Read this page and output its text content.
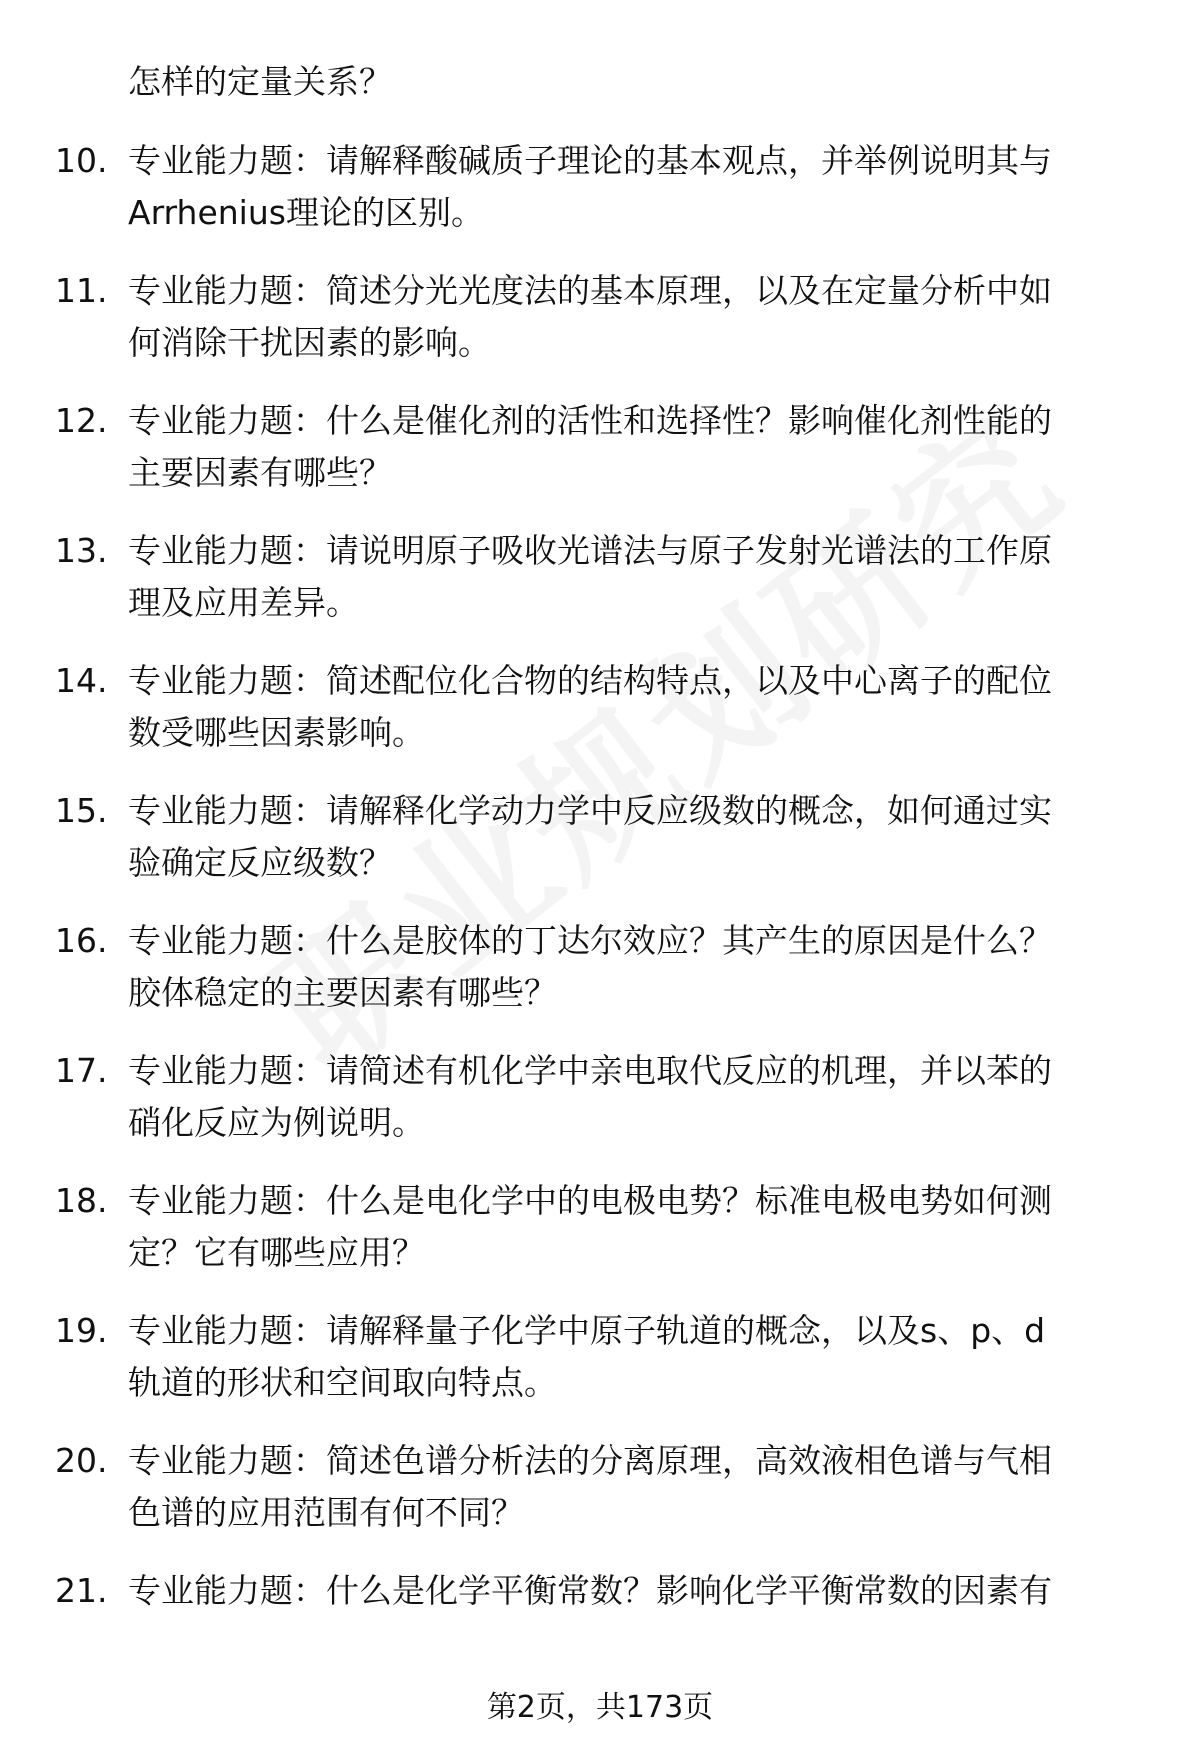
怎样的定量关系？
10. 专业能力题：请解释酸碱质子理论的基本观点，并举例说明其与
Arrhenius理论的区别。
11. 专业能力题：简述分光光度法的基本原理，以及在定量分析中如
何消除干扰因素的影响。
12. 专业能力题：什么是催化剂的活性和选择性？影响催化剂性能的
主要因素有哪些？
13. 专业能力题：请说明原子吸收光谱法与原子发射光谱法的工作原
理及应用差异。
14. 专业能力题：简述配位化合物的结构特点，以及中心离子的配位
数受哪些因素影响。
15. 专业能力题：请解释化学动力学中反应级数的概念，如何通过实
验确定反应级数？
16. 专业能力题：什么是胶体的丁达尔效应？其产生的原因是什么？
胶体稳定的主要因素有哪些？
17. 专业能力题：请简述有机化学中亲电取代反应的机理，并以苯的
硝化反应为例说明。
18. 专业能力题：什么是电化学中的电极电势？标准电极电势如何测
定？它有哪些应用？
19. 专业能力题：请解释量子化学中原子轨道的概念，以及s、p、d
轨道的形状和空间取向特点。
20. 专业能力题：简述色谱分析法的分离原理，高效液相色谱与气相
色谱的应用范围有何不同？
21. 专业能力题：什么是化学平衡常数？影响化学平衡常数的因素有
第2页，共173页
